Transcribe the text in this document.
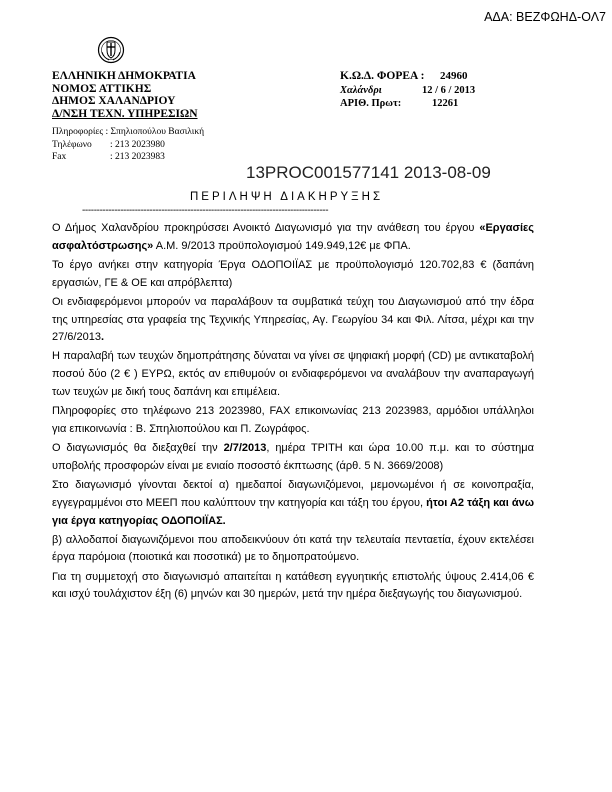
ΑΔΑ: ΒΕΖΦΩΗΔ-ΟΛ7
ΕΛΛΗΝΙΚΗ ΔΗΜΟΚΡΑΤΙΑ
ΝΟΜΟΣ ΑΤΤΙΚΗΣ
ΔΗΜΟΣ ΧΑΛΑΝΔΡΙΟΥ
Δ/ΝΣΗ ΤΕΧΝ. ΥΠΗΡΕΣΙΩΝ
Πληροφορίες : Σπηλιοπούλου Βασιλική
Τηλέφωνο : 213 2023980
Fax	: 213 2023983
Κ.Ω.Δ. ΦΟΡΕΑ : 24960
Χαλάνδρι	12 / 6 / 2013
ΑΡΙΘ. Πρωτ:	12261
13PROC001577141 2013-08-09
ΠΕΡΙΛΗΨΗ ΔΙΑΚΗΡΥΞΗΣ
------------------------------------------------------------------------------------

Ο Δήμος Χαλανδρίου προκηρύσσει Ανοικτό Διαγωνισμό για την ανάθεση του έργου «Εργασίες ασφαλτόστρωσης» Α.Μ. 9/2013 προϋπολογισμού 149.949,12€ με ΦΠΑ.

Το έργο ανήκει στην κατηγορία Έργα ΟΔΟΠΟΙΪΑΣ με προϋπολογισμό 120.702,83 € (δαπάνη εργασιών, ΓΕ & ΟΕ και απρόβλεπτα)

Οι ενδιαφερόμενοι μπορούν να παραλάβουν τα συμβατικά τεύχη του Διαγωνισμού από την έδρα της υπηρεσίας στα γραφεία της Τεχνικής Υπηρεσίας, Αγ. Γεωργίου 34 και Φιλ. Λίτσα, μέχρι και την 27/6/2013.

Η παραλαβή των τευχών δημοπράτησης δύναται να γίνει σε ψηφιακή μορφή (CD) με αντικαταβολή ποσού δύο (2 € ) ΕΥΡΩ, εκτός αν επιθυμούν οι ενδιαφερόμενοι να αναλάβουν την αναπαραγωγή των τευχών με δική τους δαπάνη και επιμέλεια.

Πληροφορίες στο τηλέφωνο 213 2023980, FAX επικοινωνίας 213 2023983, αρμόδιοι υπάλληλοι για επικοινωνία : Β. Σπηλιοπούλου και Π. Ζωγράφος.

Ο διαγωνισμός θα διεξαχθεί την 2/7/2013, ημέρα ΤΡΙΤΗ και ώρα 10.00 π.μ. και το σύστημα υποβολής προσφορών είναι με ενιαίο ποσοστό έκπτωσης (άρθ. 5 Ν. 3669/2008)

Στο διαγωνισμό γίνονται δεκτοί α) ημεδαποί διαγωνιζόμενοι, μεμονωμένοι ή σε κοινοπραξία, εγγεγραμμένοι στο ΜΕΕΠ που καλύπτουν την κατηγορία και τάξη του έργου, ήτοι Α2 τάξη και άνω για έργα κατηγορίας ΟΔΟΠΟΙΪΑΣ.

β) αλλοδαποί διαγωνιζόμενοι που αποδεικνύουν ότι κατά την τελευταία πενταετία, έχουν εκτελέσει έργα παρόμοια (ποιοτικά και ποσοτικά) με το δημοπρατούμενο.

Για τη συμμετοχή στο διαγωνισμό απαιτείται η κατάθεση εγγυητικής επιστολής ύψους 2.414,06 € και ισχύ τουλάχιστον έξη (6) μηνών και 30 ημερών, μετά την ημέρα διεξαγωγής του διαγωνισμού.
